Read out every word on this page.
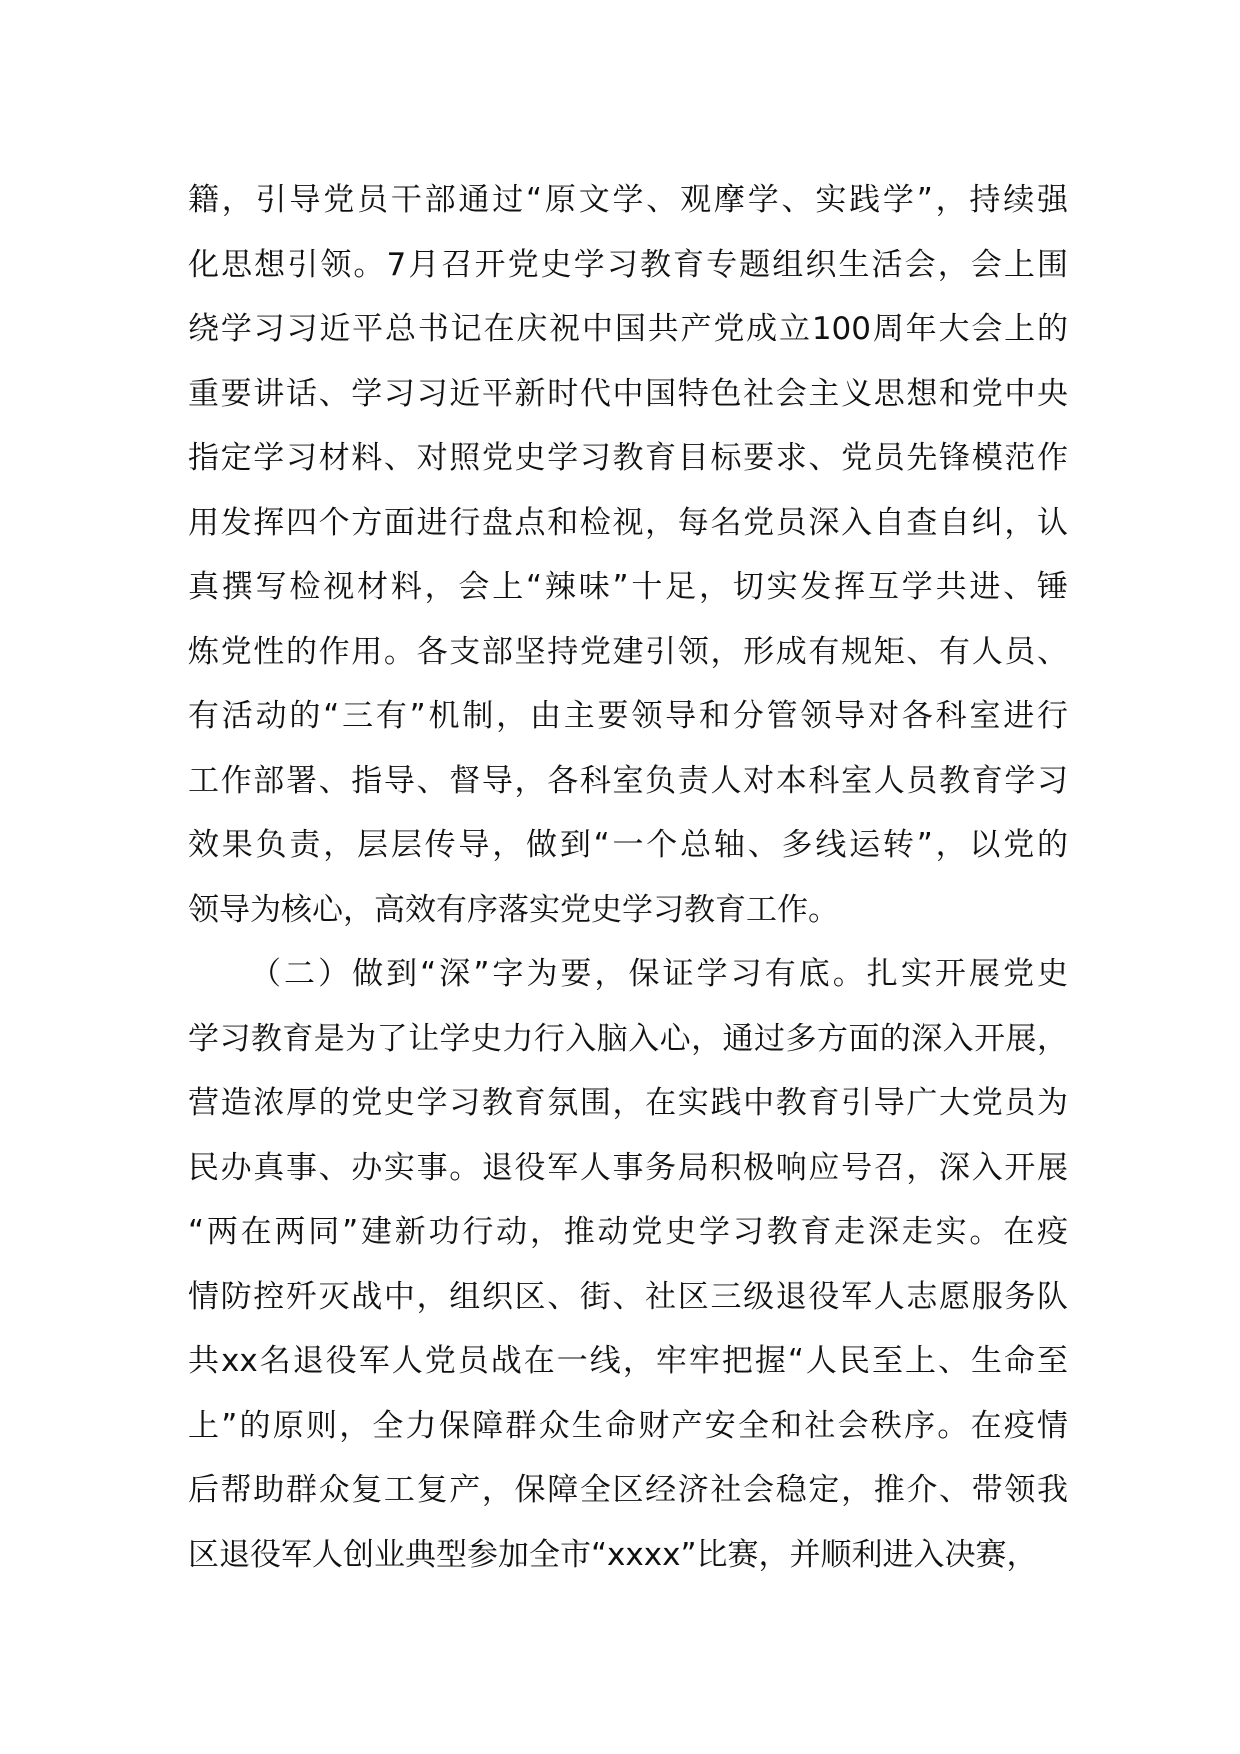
籍，引导党员干部通过“原文学、观摩学、实践学”，持续强
化思想引领。7月召开党史学习教育专题组织生活会，会上围
绕学习习近平总书记在庆祝中国共产党成立100周年大会上的
重要讲话、学习习近平新时代中国特色社会主义思想和党中央
指定学习材料、对照党史学习教育目标要求、党员先锋模范作
用发挥四个方面进行盘点和检视，每名党员深入自查自纠，认
真撰写检视材料，会上“辣味”十足，切实发挥互学共进、锤
炼党性的作用。各支部坚持党建引领，形成有规矩、有人员、
有活动的“三有”机制，由主要领导和分管领导对各科室进行
工作部署、指导、督导，各科室负责人对本科室人员教育学习
效果负责，层层传导，做到“一个总轴、多线运转”，以党的
领导为核心，高效有序落实党史学习教育工作。
（二）做到“深”字为要，保证学习有底。扎实开展党史
学习教育是为了让学史力行入脑入心，通过多方面的深入开展，
营造浓厚的党史学习教育氛围，在实践中教育引导广大党员为
民办真事、办实事。退役军人事务局积极响应号召，深入开展
“两在两同”建新功行动，推动党史学习教育走深走实。在疫
情防控歼灭战中，组织区、街、社区三级退役军人志愿服务队
共xx名退役军人党员战在一线，牢牢把握“人民至上、生命至
上”的原则，全力保障群众生命财产安全和社会秩序。在疫情
后帮助群众复工复产，保障全区经济社会稳定，推介、带领我
区退役军人创业典型参加全市“xxxx”比赛，并顺利进入决赛，
